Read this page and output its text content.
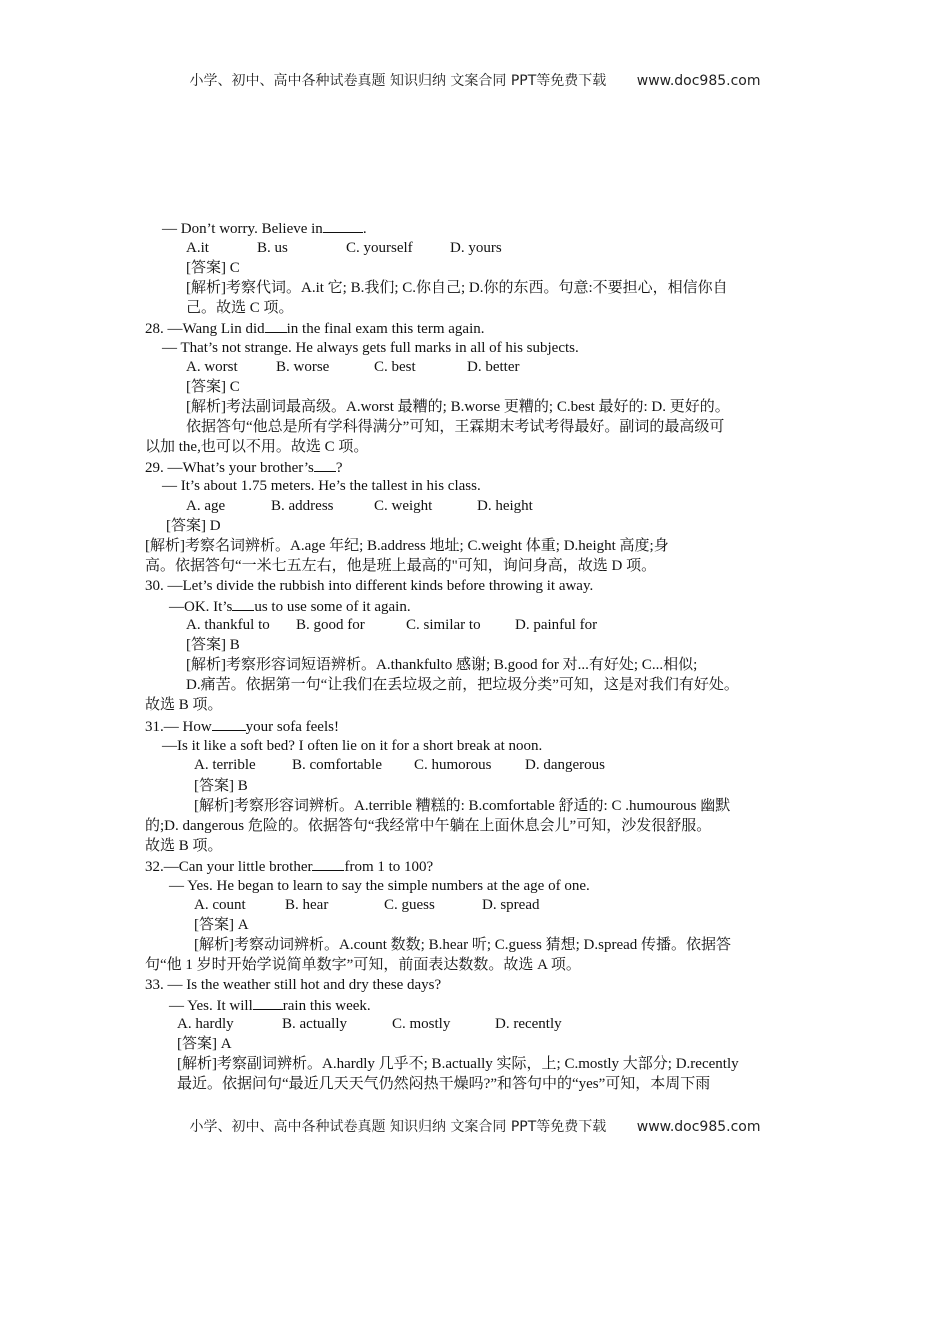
小学、初中、高中各种试卷真题 知识归纳 文案合同 PPT等免费下载 www.doc985.com
— Don’t worry. Believe in	.
A.it	B. us	C. yourself D. yours
[答案] C
[解析]考察代词。A.it 它; B.我们; C.你自己; D.你的东西。句意:不要担心，相信你自
己。故选 C 项。
28. —Wang Lin did in the final exam this term again.
— That’s not strange. He always gets full marks in all of his subjects.
A. worst	B. worse	C. best	D. better
[答案] C
[解析]考法副词最高级。A.worst 最糟的; B.worse 更糟的; C.best 最好的: D. 更好的。
依据答句“他总是所有学科得满分”可知，王霖期末考试考得最好。副词的最高级可
以加 the,也可以不用。故选 C 项。
29. —What’s your brother’s ?
— It’s about 1.75 meters. He’s the tallest in his class.
A. age	B. address	C. weight	D. height
[答案] D
[解析]考察名词辨析。A.age 年纪; B.address 地址; C.weight 体重; D.height 高度;身
高。依据答句“一米七五左右，他是班上最高的"可知，询问身高，故选 D 项。
30. —Let’s divide the rubbish into different kinds before throwing it away.
—OK. It’s us to use some of it again.
A. thankful to B. good for	C. similar to D. painful for
[答案] B
[解析]考察形容词短语辨析。A.thankfulto 感谢; B.good for 对...有好处; C...相似;
D.痛苦。依据第一句“让我们在丢垃圾之前，把垃圾分类”可知，这是对我们有好处。
故选 B 项。
31.— How your sofa feels!
—Is it like a soft bed? I often lie on it for a short break at noon.
A. terrible B. comfortable C. humorous D. dangerous
[答案] B
[解析]考察形容词辨析。A.terrible 糟糕的: B.comfortable 舒适的: C .humourous 幽默
的;D. dangerous 危险的。依据答句“我经常中午躺在上面休息会儿”可知，沙发很舒服。
故选 B 项。
32.—Can your little brother from 1 to 100?
— Yes. He began to learn to say the simple numbers at the age of one.
A. count	B. hear	C. guess	D. spread
[答案] A
[解析]考察动词辨析。A.count 数数; B.hear 听; C.guess 猜想; D.spread 传播。依据答
句“他 1 岁时开始学说简单数字”可知，前面表达数数。故选 A 项。
33. — Is the weather still hot and dry these days?
— Yes. It will rain this week.
A. hardly	B. actually	C. mostly	D. recently
[答案] A
[解析]考察副词辨析。A.hardly 几乎不; B.actually 实际，上; C.mostly 大部分; D.recently
最近。依据问句“最近几天天气仍然闷热干燥吗?”和答句中的“yes”可知，本周下雨
小学、初中、高中各种试卷真题 知识归纳 文案合同 PPT等免费下载 www.doc985.com
